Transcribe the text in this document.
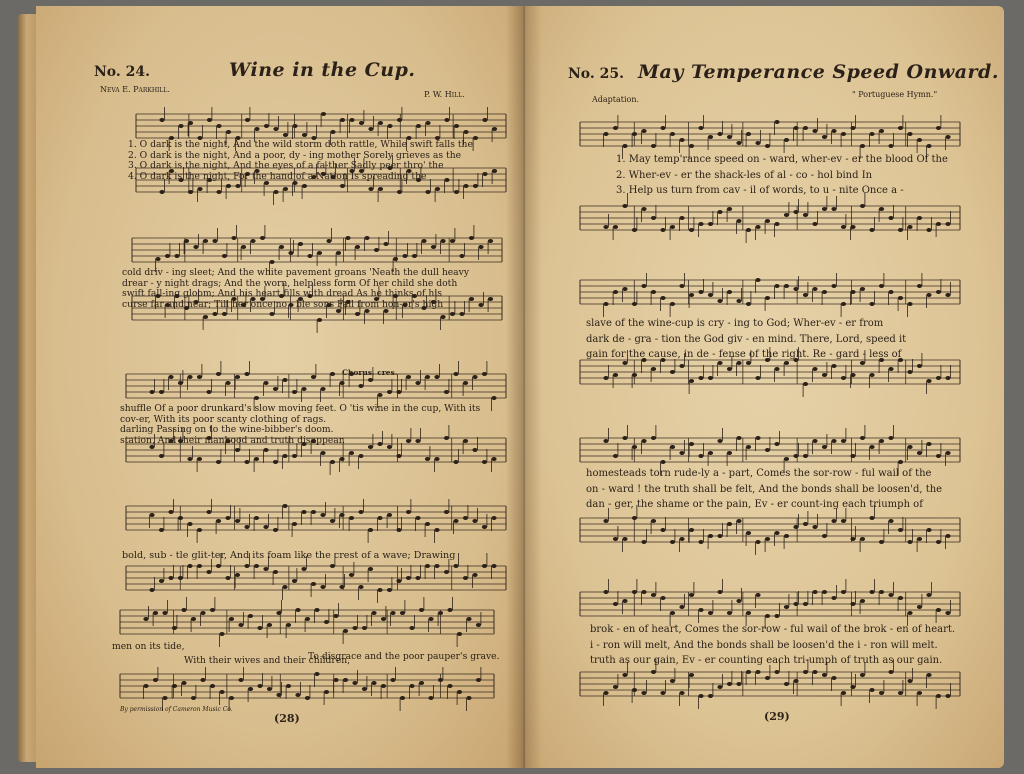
No. 24.	Wine in the Cup.
Neva E. Parkhill.
P. W. Hill.
1. O dark is the night, And the wild storm doth rattle, While swift falls the
2. O dark is the night, And a poor, dy - ing mother Sorely grieves as the
3. O dark is the night, And the eyes of a fa-ther Sadly peer thro' the
4. O dark is the night, For the hand of a Nation Is spreading the
cold driv - ing sleet; And the white pavement groans 'Neath the dull heavy
drear - y night drags; And the worn, helpless form Of her child she doth
swift fall-ing gloom; And his heart fills with dread As he thinks of his
curse far and near; Till her once no - ble sons Fall from hon-or's high
Chorus. cres.
shuffle Of a poor drunkard's slow moving feet. O 'tis wine in the cup, With its
cov-er, With its poor scanty clothing of rags.
darling Passing on to the wine-bibber's doom.
station, And their manhood and truth disappear.
bold, sub - tle glit-ter, And its foam like the crest of a wave; Drawing
men on its tide,
With their wives and their children,
To disgrace and the poor pauper's grave.
By permission of Cameron Music Co.
(28)
No. 25. May Temperance Speed Onward.
Adaptation.
" Portuguese Hymn."
1. May temp'rance speed on - ward, wher-ev - er the blood Of the
2. Wher-ev - er the shack-les of al - co - hol bind In
3. Help us turn from cav - il of words, to u - nite Once a -
slave of the wine-cup is cry - ing to God; Wher-ev - er from
dark de - gra - tion the God giv - en mind. There, Lord, speed it
gain for the cause, in de - fense of the right. Re - gard - less of
homesteads torn rude-ly a - part, Comes the sor-row - ful wail of the
on - ward ! the truth shall be felt, And the bonds shall be loosen'd, the
dan - ger, the shame or the pain, Ev - er count-ing each triumph of
brok - en of heart, Comes the sor-row - ful wail of the brok - en of heart.
i - ron will melt, And the bonds shall be loosen'd the i - ron will melt.
truth as our gain, Ev - er counting each tri-umph of truth as our gain.
(29)
